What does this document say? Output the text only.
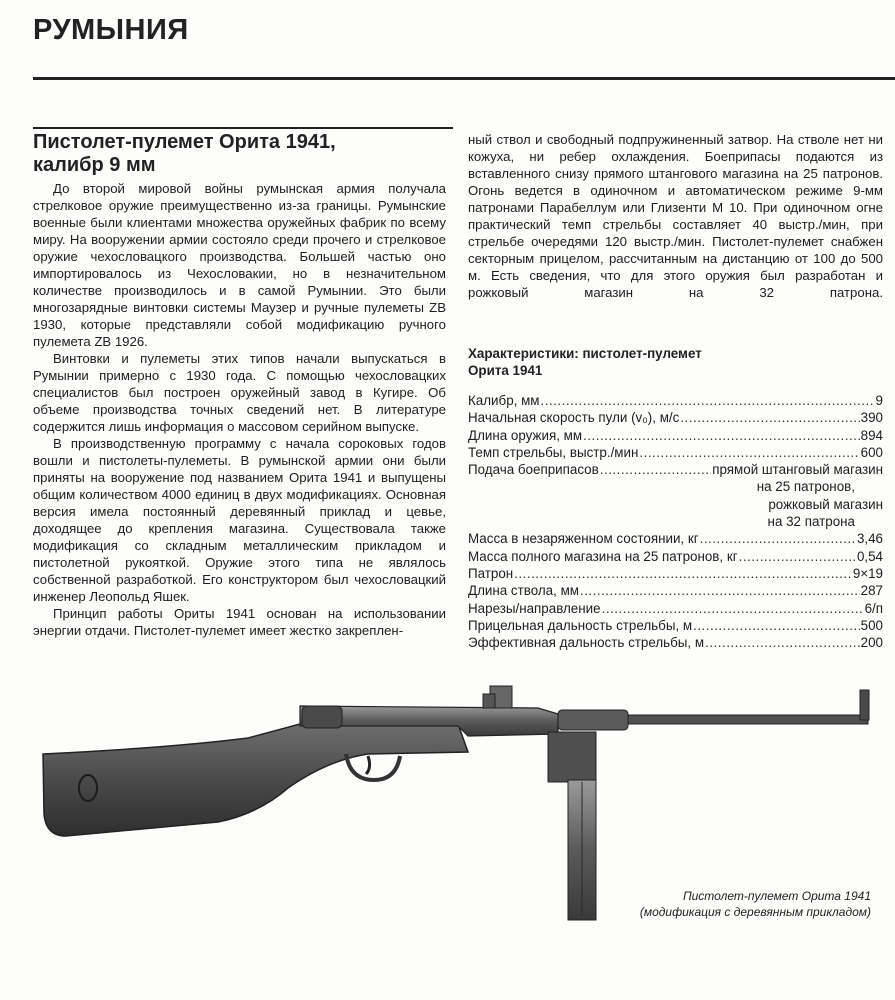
РУМЫНИЯ
Пистолет-пулемет Орита 1941,
калибр 9 мм

До второй мировой войны румынская армия получала стрелковое оружие преимущественно из-за границы. Румынские военные были клиентами множества оружейных фабрик по всему миру. На вооружении армии состояло среди прочего и стрелковое оружие чехословацкого производства. Большей частью оно импортировалось из Чехословакии, но в незначительном количестве производилось и в самой Румынии. Это были многозарядные винтовки системы Маузер и ручные пулеметы ZB 1930, которые представляли собой модификацию ручного пулемета ZB 1926.

Винтовки и пулеметы этих типов начали выпускаться в Румынии примерно с 1930 года. С помощью чехословацких специалистов был построен оружейный завод в Кугире. Об объеме производства точных сведений нет. В литературе содержится лишь информация о массовом серийном выпуске.

В производственную программу с начала сороковых годов вошли и пистолеты-пулеметы. В румынской армии они были приняты на вооружение под названием Орита 1941 и выпущены общим количеством 4000 единиц в двух модификациях. Основная версия имела постоянный деревянный приклад и цевье, доходящее до крепления магазина. Существовала также модификация со складным металлическим прикладом и пистолетной рукояткой. Оружие этого типа не являлось собственной разработкой. Его конструктором был чехословацкий инженер Леопольд Яшек.

Принцип работы Ориты 1941 основан на использовании энергии отдачи. Пистолет-пулемет имеет жестко закреплен-

ный ствол и свободный подпружиненный затвор. На стволе нет ни кожуха, ни ребер охлаждения. Боеприпасы подаются из вставленного снизу прямого штангового магазина на 25 патронов. Огонь ведется в одиночном и автоматическом режиме 9-мм патронами Парабеллум или Глизенти М 10. При одиночном огне практический темп стрельбы составляет 40 выстр./мин, при стрельбе очередями 120 выстр./мин. Пистолет-пулемет снабжен секторным прицелом, рассчитанным на дистанцию от 100 до 500 м. Есть сведения, что для этого оружия был разработан и рожковый магазин на 32 патрона.

Характеристики: пистолет-пулемет
Орита 1941
Калибр, мм .....	9
Начальная скорость пули (v₀), м/с .....	390
Длина оружия, мм .....	894
Темп стрельбы, выстр./мин .....	600
Подача боеприпасов .....	прямой штанговый магазин
на 25 патронов,
рожковый магазин
на 32 патрона
Масса в незаряженном состоянии, кг .....	3,46
Масса полного магазина на 25 патронов, кг .....	0,54
Патрон .....	9×19
Длина ствола, мм .....	287
Нарезы/направление .....	6/п
Прицельная дальность стрельбы, м .....	500
Эффективная дальность стрельбы, м .....	200
Пистолет-пулемет Орита 1941
(модификация с деревянным прикладом)
